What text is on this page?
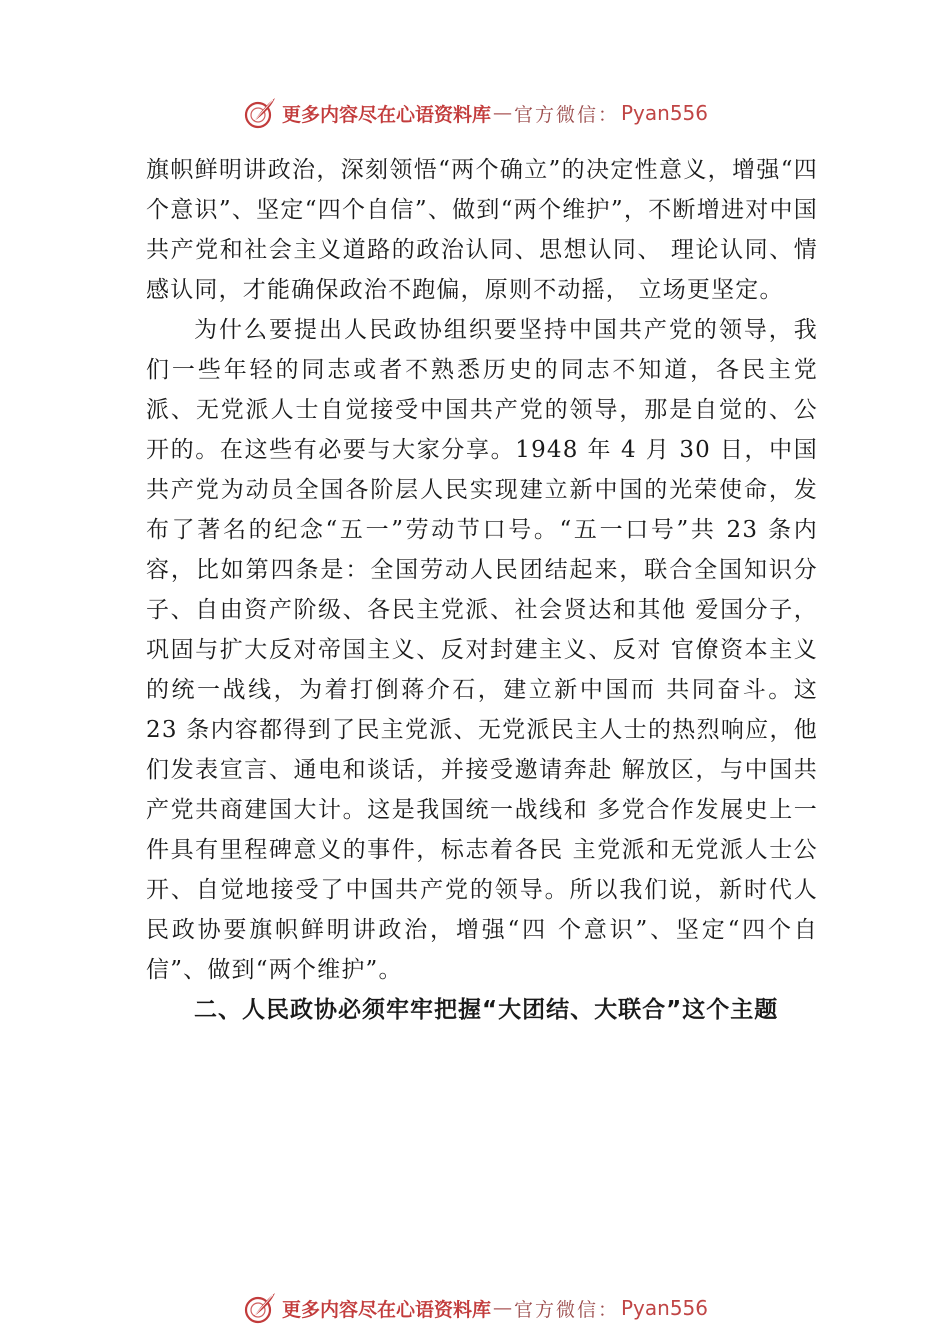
更多内容尽在心语资料库 — 官方微信： Pyan556

旗帜鲜明讲政治，深刻领悟“两个确立”的决定性意义，增强“四个意识”、坚定“四个自信”、做到“两个维护”，不断增进对中国共产党和社会主义道路的政治认同、思想认同、 理论认同、情感认同，才能确保政治不跑偏，原则不动摇， 立场更坚定。

为什么要提出人民政协组织要坚持中国共产党的领导，我们一些年轻的同志或者不熟悉历史的同志不知道，各民主党派、无党派人士自觉接受中国共产党的领导，那是自觉的、公开的。在这些有必要与大家分享。1948 年 4 月 30 日，中国共产党为动员全国各阶层人民实现建立新中国的光荣使命，发布了著名的纪念“五一”劳动节口号。“五一口号”共 23 条内容，比如第四条是：全国劳动人民团结起来，联合全国知识分子、自由资产阶级、各民主党派、社会贤达和其他 爱国分子，巩固与扩大反对帝国主义、反对封建主义、反对 官僚资本主义的统一战线，为着打倒蒋介石，建立新中国而 共同奋斗。这 23 条内容都得到了民主党派、无党派民主人士的热烈响应，他们发表宣言、通电和谈话，并接受邀请奔赴 解放区，与中国共产党共商建国大计。这是我国统一战线和 多党合作发展史上一件具有里程碑意义的事件，标志着各民 主党派和无党派人士公开、自觉地接受了中国共产党的领导。所以我们说，新时代人民政协要旗帜鲜明讲政治，增强“四 个意识”、坚定“四个自信”、做到“两个维护”。

二、人民政协必须牢牢把握“大团结、大联合”这个主题

更多内容尽在心语资料库 — 官方微信： Pyan556
